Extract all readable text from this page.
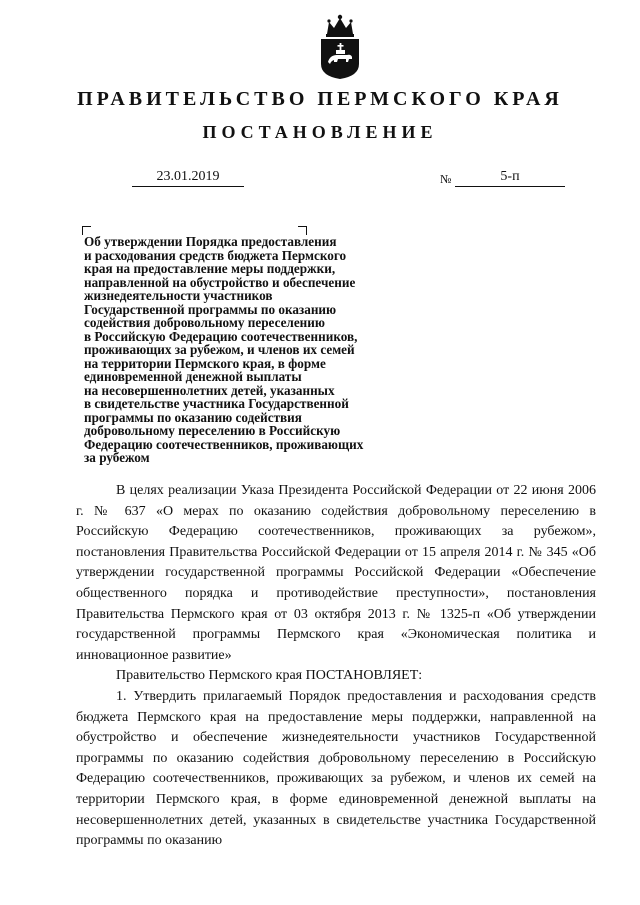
ПРАВИТЕЛЬСТВО ПЕРМСКОГО КРАЯ
ПОСТАНОВЛЕНИЕ
23.01.2019	№	5-п
Об утверждении Порядка предоставления
и расходования средств бюджета Пермского
края на предоставление меры поддержки,
направленной на обустройство и обеспечение
жизнедеятельности участников
Государственной программы по оказанию
содействия добровольному переселению
в Российскую Федерацию соотечественников,
проживающих за рубежом, и членов их семей
на территории Пермского края, в форме
единовременной денежной выплаты
на несовершеннолетних детей, указанных
в свидетельстве участника Государственной
программы по оказанию содействия
добровольному переселению в Российскую
Федерацию соотечественников, проживающих
за рубежом

В целях реализации Указа Президента Российской Федерации от 22 июня 2006 г. № 637 «О мерах по оказанию содействия добровольному переселению в Российскую Федерацию соотечественников, проживающих за рубежом», постановления Правительства Российской Федерации от 15 апреля 2014 г. № 345 «Об утверждении государственной программы Российской Федерации «Обеспечение общественного порядка и противодействие преступности», постановления Правительства Пермского края от 03 октября 2013 г. № 1325-п «Об утверждении государственной программы Пермского края «Экономическая политика и инновационное развитие»

Правительство Пермского края ПОСТАНОВЛЯЕТ:

1. Утвердить прилагаемый Порядок предоставления и расходования средств бюджета Пермского края на предоставление меры поддержки, направленной на обустройство и обеспечение жизнедеятельности участников Государственной программы по оказанию содействия добровольному переселению в Российскую Федерацию соотечественников, проживающих за рубежом, и членов их семей на территории Пермского края, в форме единовременной денежной выплаты на несовершеннолетних детей, указанных в свидетельстве участника Государственной программы по оказанию
